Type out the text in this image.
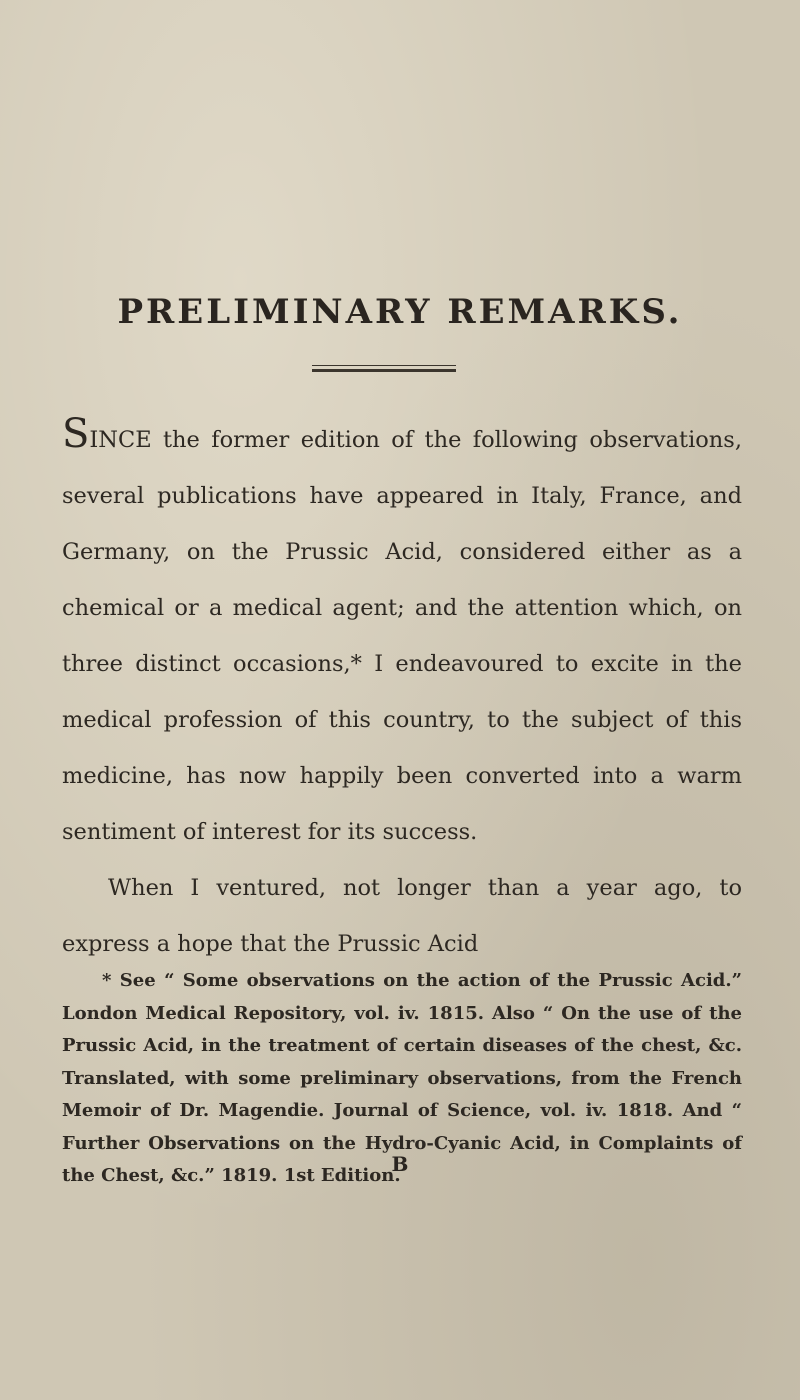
PRELIMINARY REMARKS.

SINCE the former edition of the following observations, several publications have appeared in Italy, France, and Germany, on the Prussic Acid, considered either as a chemical or a medical agent; and the attention which, on three distinct occasions,* I endeavoured to excite in the medical profession of this country, to the subject of this medicine, has now happily been converted into a warm sentiment of interest for its success.

When I ventured, not longer than a year ago, to express a hope that the Prussic Acid

* See “ Some observations on the action of the Prussic Acid.” London Medical Repository, vol. iv. 1815. Also “ On the use of the Prussic Acid, in the treatment of certain diseases of the chest, &c. Translated, with some preliminary observations, from the French Memoir of Dr. Magendie. Journal of Science, vol. iv. 1818. And “ Further Observations on the Hydro-Cyanic Acid, in Complaints of the Chest, &c.” 1819. 1st Edition.

B
